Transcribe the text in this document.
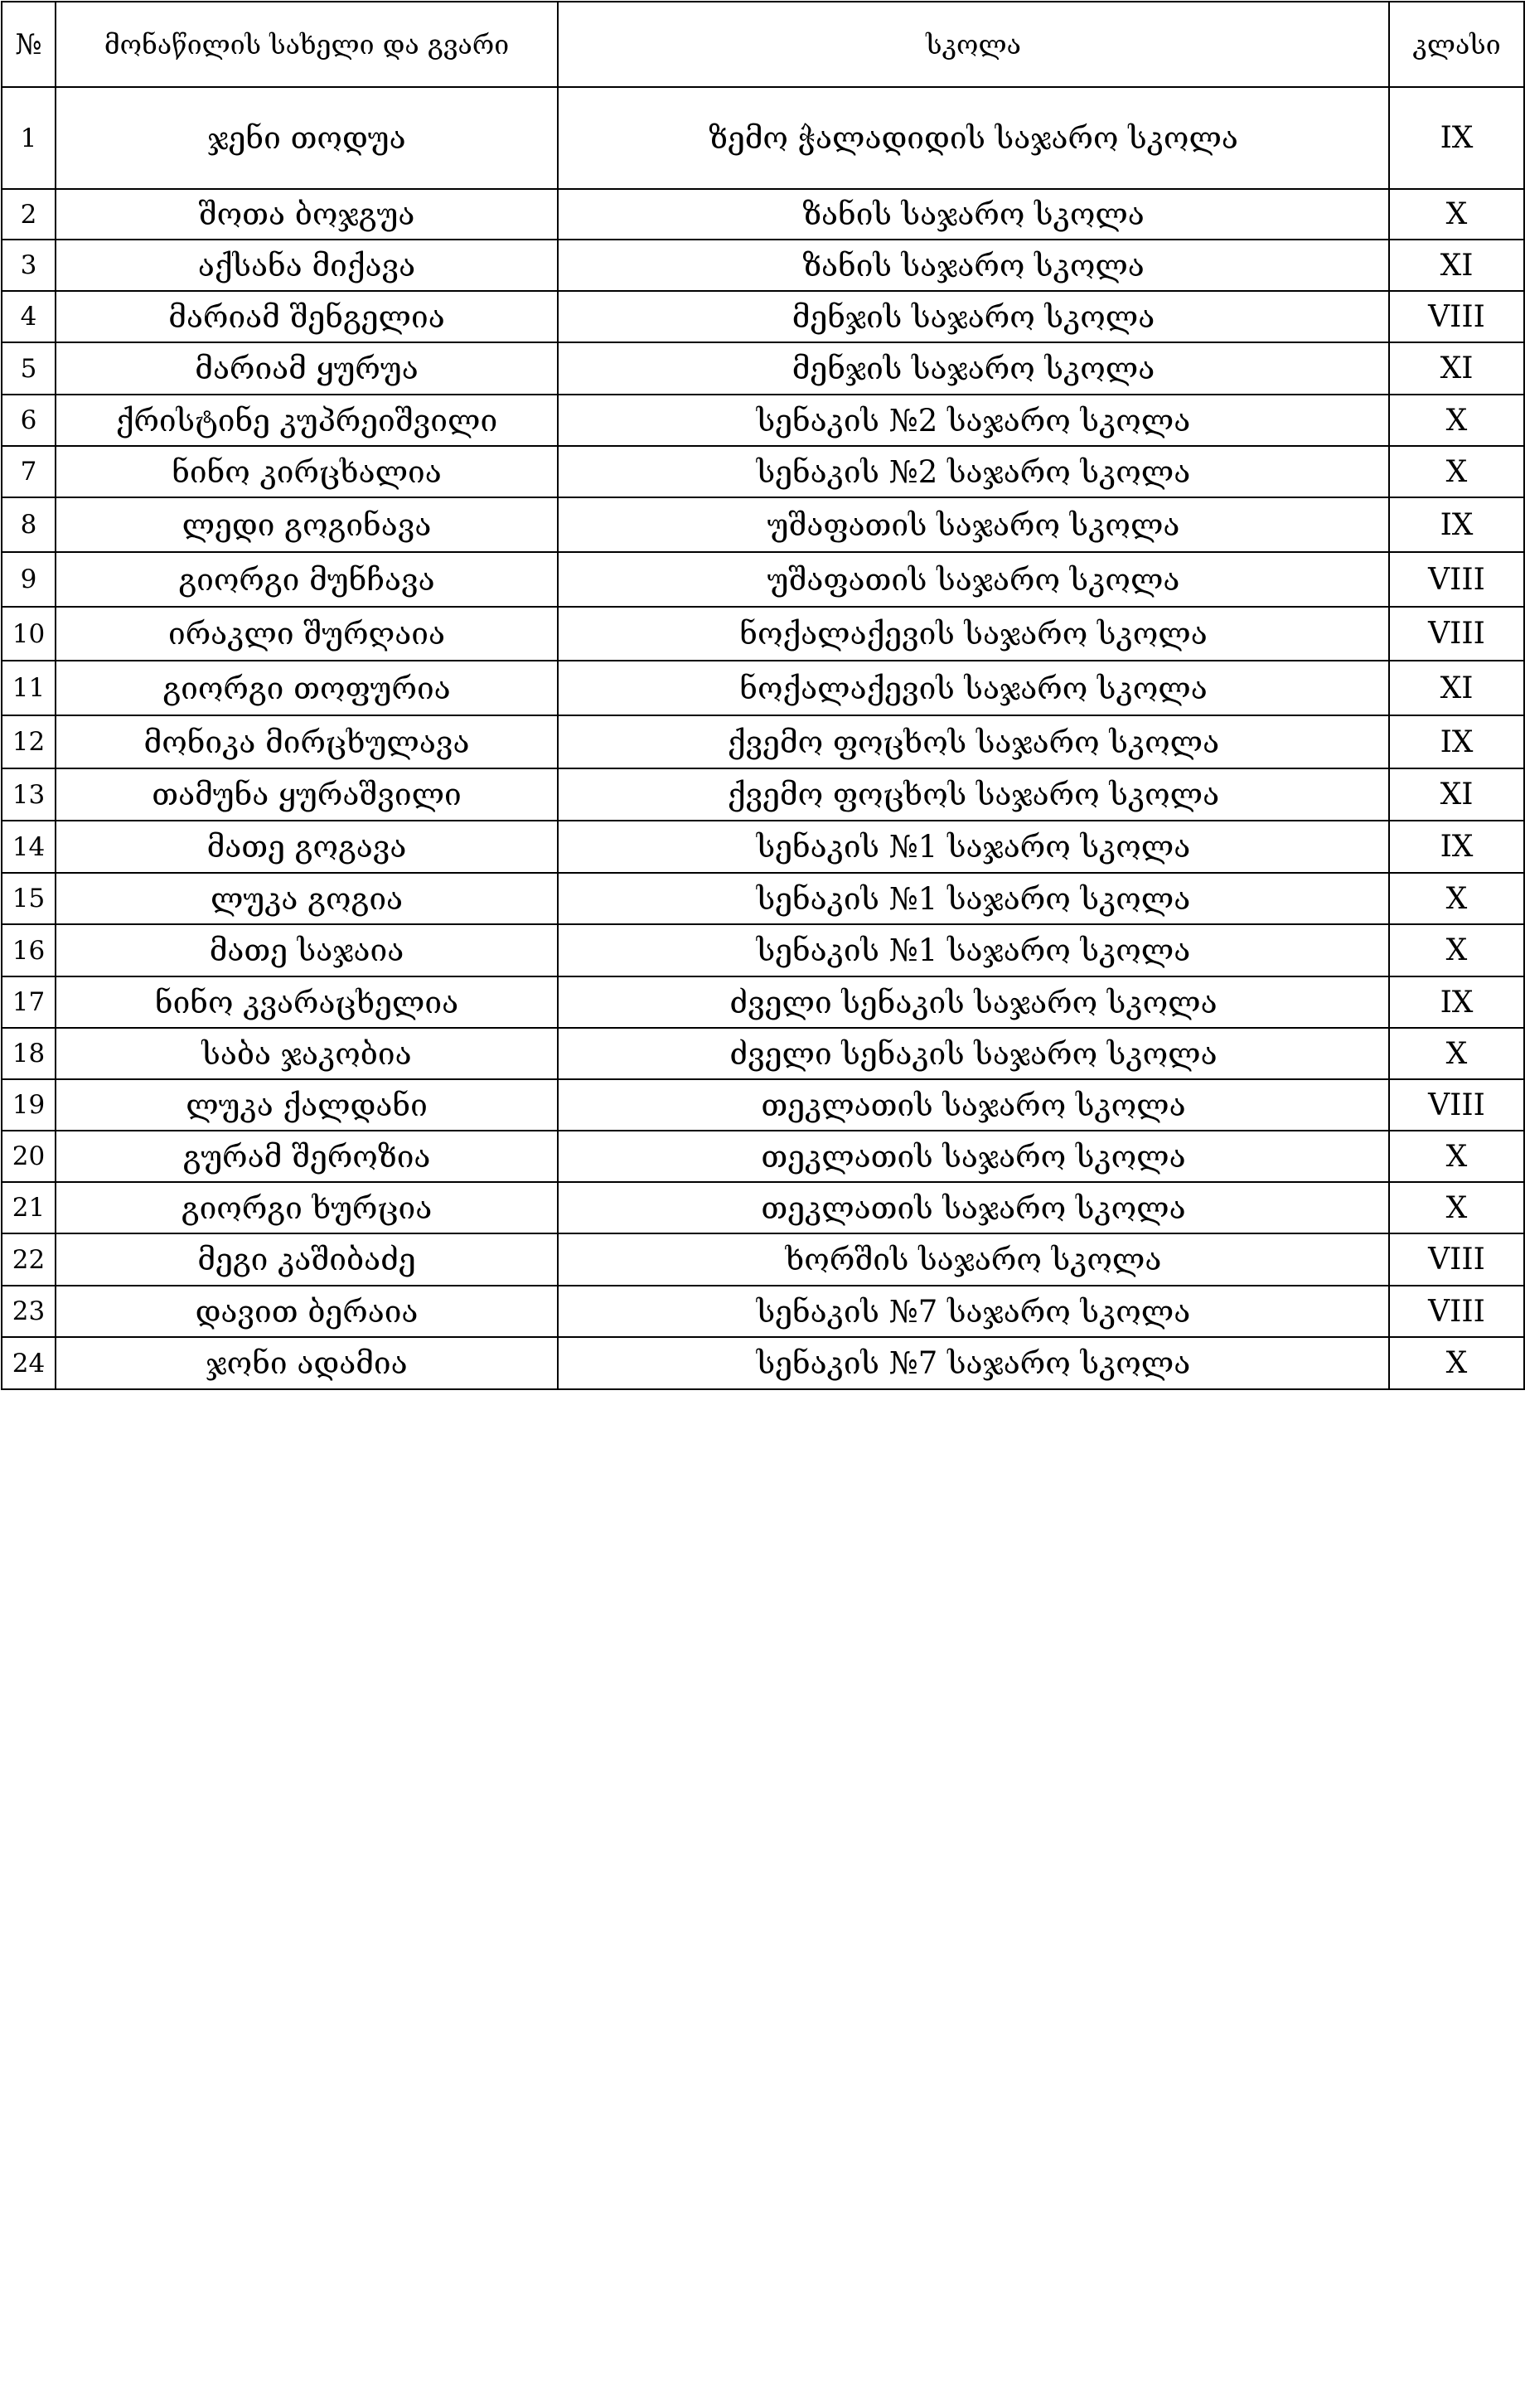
№	მონაწილის სახელი და გვარი	სკოლა	კლასი
1	ჯენი თოდუა	ზემო ჭალადიდის საჯარო სკოლა	IX
2	შოთა ბოჯგუა	ზანის საჯარო სკოლა	X
3	აქსანა მიქავა	ზანის საჯარო სკოლა	XI
4	მარიამ შენგელია	მენჯის საჯარო სკოლა	VIII
5	მარიამ ყურუა	მენჯის საჯარო სკოლა	XI
6	ქრისტინე კუპრეიშვილი	სენაკის №2 საჯარო სკოლა	X
7	ნინო კირცხალია	სენაკის №2 საჯარო სკოლა	X
8	ლედი გოგინავა	უშაფათის საჯარო სკოლა	IX
9	გიორგი მუნჩავა	უშაფათის საჯარო სკოლა	VIII
10	ირაკლი შურღაია	ნოქალაქევის საჯარო სკოლა	VIII
11	გიორგი თოფურია	ნოქალაქევის საჯარო სკოლა	XI
12	მონიკა მირცხულავა	ქვემო ფოცხოს საჯარო სკოლა	IX
13	თამუნა ყურაშვილი	ქვემო ფოცხოს საჯარო სკოლა	XI
14	მათე გოგავა	სენაკის №1 საჯარო სკოლა	IX
15	ლუკა გოგია	სენაკის №1 საჯარო სკოლა	X
16	მათე საჯაია	სენაკის №1 საჯარო სკოლა	X
17	ნინო კვარაცხელია	ძველი სენაკის საჯარო სკოლა	IX
18	საბა ჯაკობია	ძველი სენაკის საჯარო სკოლა	X
19	ლუკა ქალდანი	თეკლათის საჯარო სკოლა	VIII
20	გურამ შეროზია	თეკლათის საჯარო სკოლა	X
21	გიორგი ხურცია	თეკლათის საჯარო სკოლა	X
22	მეგი კაშიბაძე	ხორშის საჯარო სკოლა	VIII
23	დავით ბერაია	სენაკის №7 საჯარო სკოლა	VIII
24	ჯონი ადამია	სენაკის №7 საჯარო სკოლა	X
